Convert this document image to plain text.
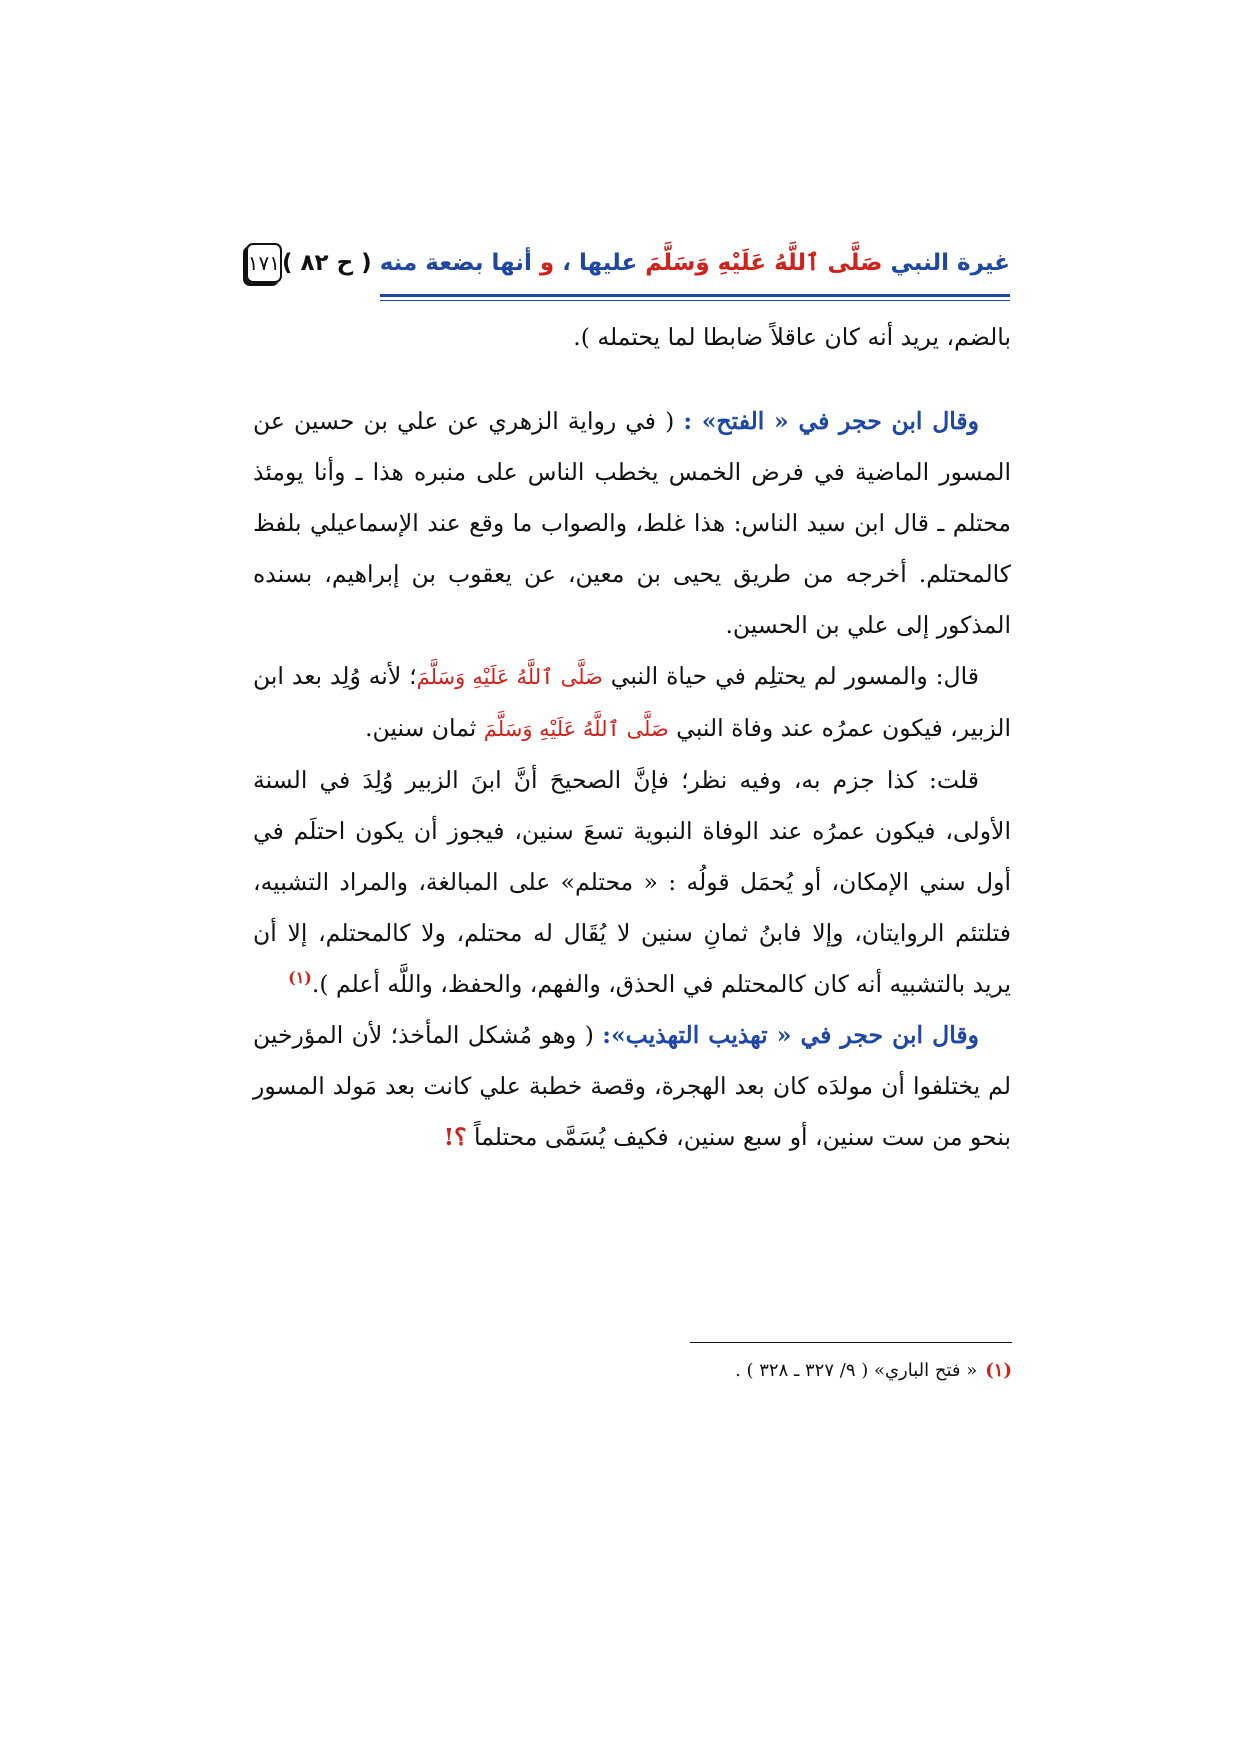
غيرة النبي صَلَّى ٱللَّهُ عَلَيْهِ وَسَلَّمَ عليها ، و أنها بضعة منه ( ح ٨٢ )
١٧١

بالضم، يريد أنه كان عاقلاً ضابطا لما يحتمله ).

وقال ابن حجر في « الفتح» : ( في رواية الزهري عن علي بن حسين عن المسور الماضية في فرض الخمس يخطب الناس على منبره هذا ـ وأنا يومئذ محتلم ـ قال ابن سيد الناس: هذا غلط، والصواب ما وقع عند الإسماعيلي بلفظ كالمحتلم. أخرجه من طريق يحيى بن معين، عن يعقوب بن إبراهيم، بسنده المذكور إلى علي بن الحسين.

قال: والمسور لم يحتلِم في حياة النبي صَلَّى ٱللَّهُ عَلَيْهِ وَسَلَّمَ؛ لأنه وُلِد بعد ابن الزبير، فيكون عمرُه عند وفاة النبي صَلَّى ٱللَّهُ عَلَيْهِ وَسَلَّمَ ثمان سنين.

قلت: كذا جزم به، وفيه نظر؛ فإنَّ الصحيحَ أنَّ ابنَ الزبير وُلِدَ في السنة الأولى، فيكون عمرُه عند الوفاة النبوية تسعَ سنين، فيجوز أن يكون احتلَم في أول سني الإمكان، أو يُحمَل قولُه : « محتلم» على المبالغة، والمراد التشبيه، فتلتئم الروايتان، وإلا فابنُ ثمانِ سنين لا يُقَال له محتلم، ولا كالمحتلم، إلا أن يريد بالتشبيه أنه كان كالمحتلم في الحذق، والفهم، والحفظ، واللَّه أعلم ).$^{(١)}$

وقال ابن حجر في « تهذيب التهذيب»: ( وهو مُشكل المأخذ؛ لأن المؤرخين لم يختلفوا أن مولدَه كان بعد الهجرة، وقصة خطبة علي كانت بعد مَولد المسور بنحو من ست سنين، أو سبع سنين، فكيف يُسَمَّى محتلماً ؟!

(١)« فتح الباري» ( ٩/ ٣٢٧ ـ ٣٢٨ ) .
